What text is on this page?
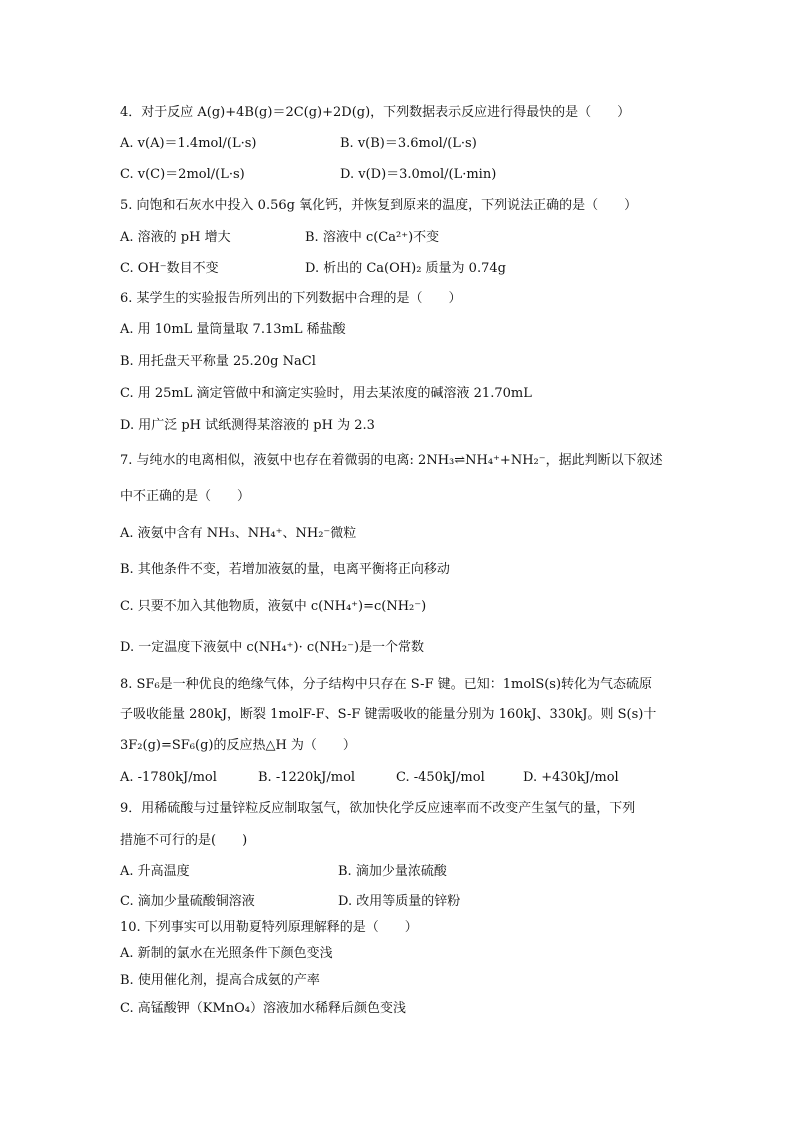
4．对于反应 A(g)+4B(g)＝2C(g)+2D(g)，下列数据表示反应进行得最快的是（　　）
A. v(A)＝1.4mol/(L·s)	B. v(B)＝3.6mol/(L·s)
C. v(C)＝2mol/(L·s)	D. v(D)＝3.0mol/(L·min)
5. 向饱和石灰水中投入 0.56g 氧化钙，并恢复到原来的温度，下列说法正确的是（　　）
A. 溶液的 pH 增大	B. 溶液中 c(Ca²⁺)不变
C. OH⁻数目不变	D. 析出的 Ca(OH)₂ 质量为 0.74g
6. 某学生的实验报告所列出的下列数据中合理的是（　　）
A. 用 10mL 量筒量取 7.13mL 稀盐酸
B. 用托盘天平称量 25.20g NaCl
C. 用 25mL 滴定管做中和滴定实验时，用去某浓度的碱溶液 21.70mL
D. 用广泛 pH 试纸测得某溶液的 pH 为 2.3
7. 与纯水的电离相似，液氨中也存在着微弱的电离: 2NH₃⇌NH₄⁺+NH₂⁻，据此判断以下叙述
中不正确的是（　　）
A. 液氨中含有 NH₃、NH₄⁺、NH₂⁻微粒
B. 其他条件不变，若增加液氨的量，电离平衡将正向移动
C. 只要不加入其他物质，液氨中 c(NH₄⁺)=c(NH₂⁻)
D. 一定温度下液氨中 c(NH₄⁺)· c(NH₂⁻)是一个常数
8. SF₆是一种优良的绝缘气体，分子结构中只存在 S-F 键。已知：1molS(s)转化为气态硫原
子吸收能量 280kJ，断裂 1molF-F、S-F 键需吸收的能量分别为 160kJ、330kJ。则 S(s)十
3F₂(g)=SF₆(g)的反应热△H 为（　　）
A. -1780kJ/mol	B. -1220kJ/mol	C. -450kJ/mol	D. +430kJ/mol
9．用稀硫酸与过量锌粒反应制取氢气，欲加快化学反应速率而不改变产生氢气的量，下列
措施不可行的是(　　)
A. 升高温度	B. 滴加少量浓硫酸
C. 滴加少量硫酸铜溶液	D. 改用等质量的锌粉
10. 下列事实可以用勒夏特列原理解释的是（　　）
A. 新制的氯水在光照条件下颜色变浅
B. 使用催化剂，提高合成氨的产率
C. 高锰酸钾（KMnO₄）溶液加水稀释后颜色变浅
